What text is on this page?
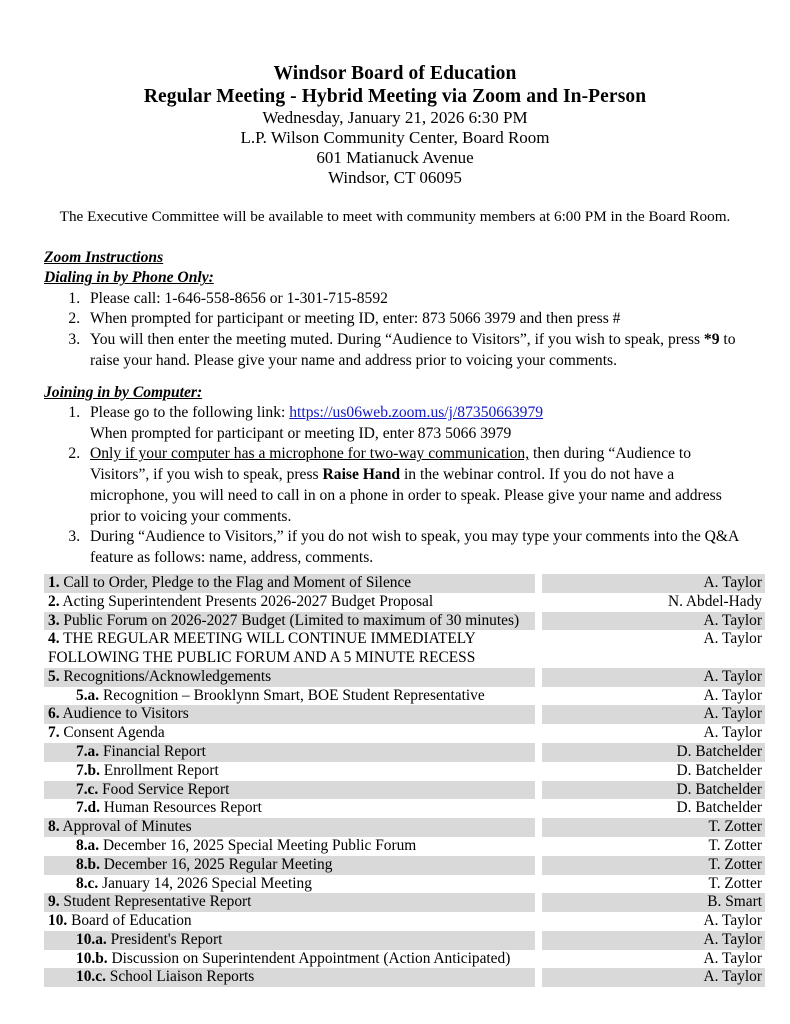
Windsor Board of Education
Regular Meeting - Hybrid Meeting via Zoom and In-Person
Wednesday, January 21, 2026 6:30 PM
L.P. Wilson Community Center, Board Room
601 Matianuck Avenue
Windsor, CT 06095
The Executive Committee will be available to meet with community members at 6:00 PM in the Board Room.
Zoom Instructions
Dialing in by Phone Only:
1. Please call: 1-646-558-8656 or 1-301-715-8592
2. When prompted for participant or meeting ID, enter: 873 5066 3979 and then press #
3. You will then enter the meeting muted. During “Audience to Visitors”, if you wish to speak, press *9 to raise your hand. Please give your name and address prior to voicing your comments.
Joining in by Computer:
1. Please go to the following link: https://us06web.zoom.us/j/87350663979
When prompted for participant or meeting ID, enter 873 5066 3979
2. Only if your computer has a microphone for two-way communication, then during “Audience to Visitors”, if you wish to speak, press Raise Hand in the webinar control. If you do not have a microphone, you will need to call in on a phone in order to speak. Please give your name and address prior to voicing your comments.
3. During “Audience to Visitors,” if you do not wish to speak, you may type your comments into the Q&A feature as follows: name, address, comments.
1. Call to Order, Pledge to the Flag and Moment of Silence		A. Taylor

2. Acting Superintendent Presents 2026-2027 Budget Proposal		N. Abdel-Hady

3. Public Forum on 2026-2027 Budget (Limited to maximum of 30 minutes)		A. Taylor

4. THE REGULAR MEETING WILL CONTINUE IMMEDIATELY FOLLOWING THE PUBLIC FORUM AND A 5 MINUTE RECESS		A. Taylor

5. Recognitions/Acknowledgements		A. Taylor

5.a. Recognition – Brooklynn Smart, BOE Student Representative		A. Taylor

6. Audience to Visitors		A. Taylor

7. Consent Agenda		A. Taylor

7.a. Financial Report		D. Batchelder

7.b. Enrollment Report		D. Batchelder

7.c. Food Service Report		D. Batchelder

7.d. Human Resources Report		D. Batchelder

8. Approval of Minutes		T. Zotter

8.a. December 16, 2025 Special Meeting Public Forum		T. Zotter

8.b. December 16, 2025 Regular Meeting		T. Zotter

8.c. January 14, 2026 Special Meeting		T. Zotter

9. Student Representative Report		B. Smart

10. Board of Education		A. Taylor

10.a. President's Report		A. Taylor

10.b. Discussion on Superintendent Appointment (Action Anticipated)		A. Taylor

10.c. School Liaison Reports		A. Taylor
